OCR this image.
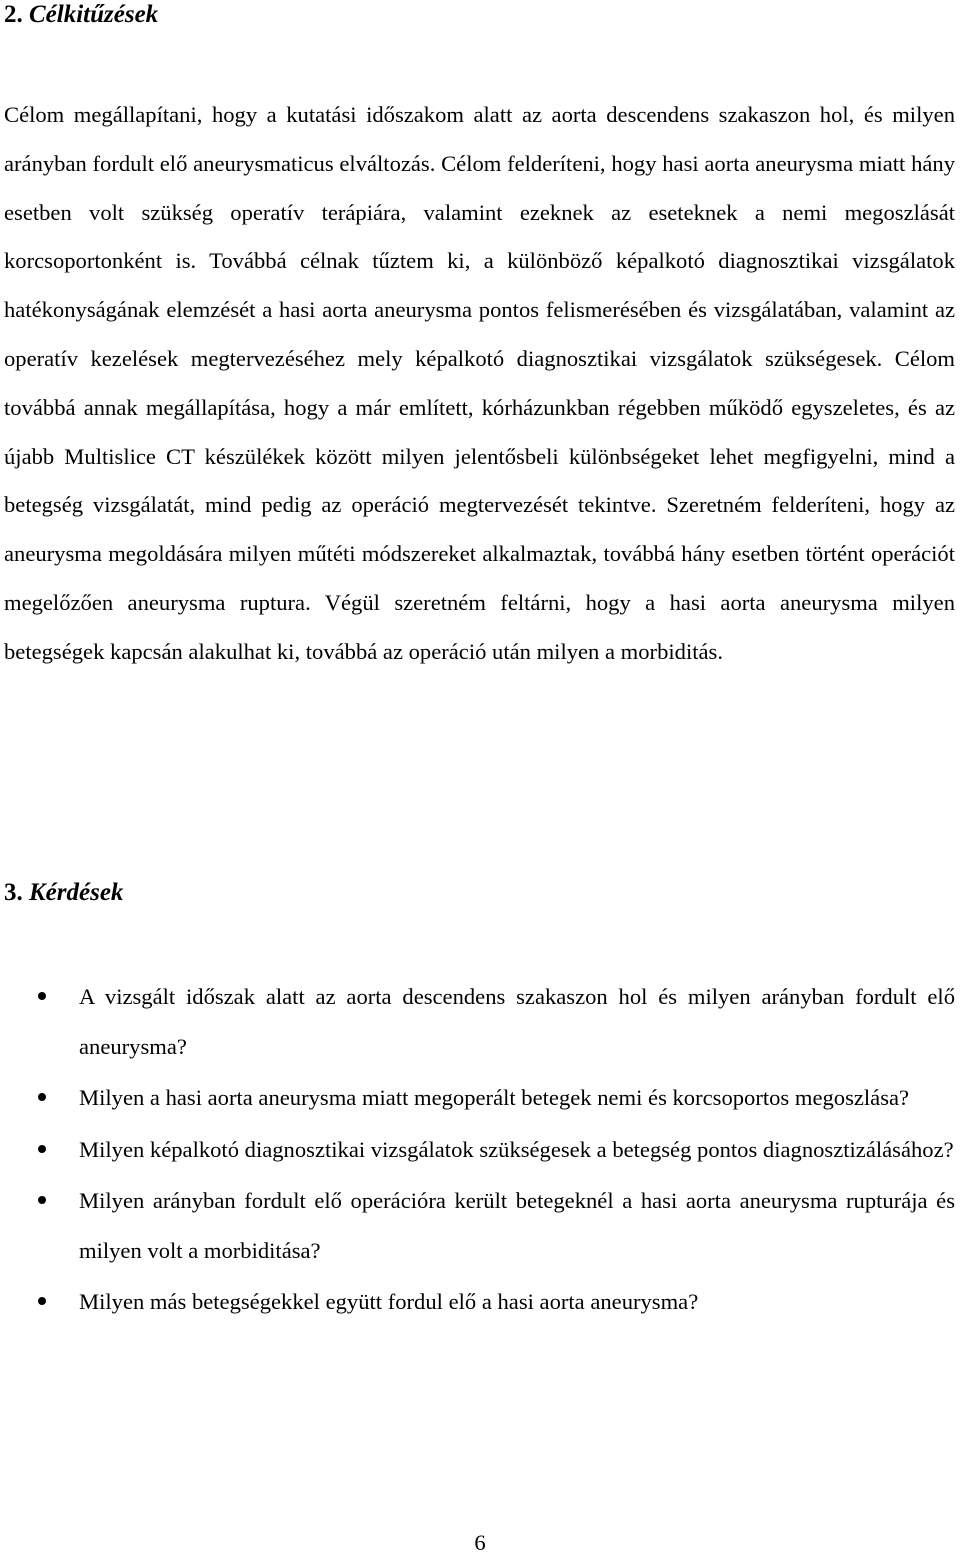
2. Célkitűzések

Célom megállapítani, hogy a kutatási időszakom alatt az aorta descendens szakaszon hol, és milyen arányban fordult elő aneurysmaticus elváltozás. Célom felderíteni, hogy hasi aorta aneurysma miatt hány esetben volt szükség operatív terápiára, valamint ezeknek az eseteknek a nemi megoszlását korcsoportonként is. Továbbá célnak tűztem ki, a különböző képalkotó diagnosztikai vizsgálatok hatékonyságának elemzését a hasi aorta aneurysma pontos felismerésében és vizsgálatában, valamint az operatív kezelések megtervezéséhez mely képalkotó diagnosztikai vizsgálatok szükségesek. Célom továbbá annak megállapítása, hogy a már említett, kórházunkban régebben működő egyszeletes, és az újabb Multislice CT készülékek között milyen jelentősbeli különbségeket lehet megfigyelni, mind a betegség vizsgálatát, mind pedig az operáció megtervezését tekintve. Szeretném felderíteni, hogy az aneurysma megoldására milyen műtéti módszereket alkalmaztak, továbbá hány esetben történt operációt megelőzően aneurysma ruptura. Végül szeretném feltárni, hogy a hasi aorta aneurysma milyen betegségek kapcsán alakulhat ki, továbbá az operáció után milyen a morbiditás.

3. Kérdések
A vizsgált időszak alatt az aorta descendens szakaszon hol és milyen arányban fordult elő aneurysma?
Milyen a hasi aorta aneurysma miatt megoperált betegek nemi és korcsoportos megoszlása?
Milyen képalkotó diagnosztikai vizsgálatok szükségesek a betegség pontos diagnosztizálásához?
Milyen arányban fordult elő operációra került betegeknél a hasi aorta aneurysma rupturája és milyen volt a morbiditása?
Milyen más betegségekkel együtt fordul elő a hasi aorta aneurysma?
6
